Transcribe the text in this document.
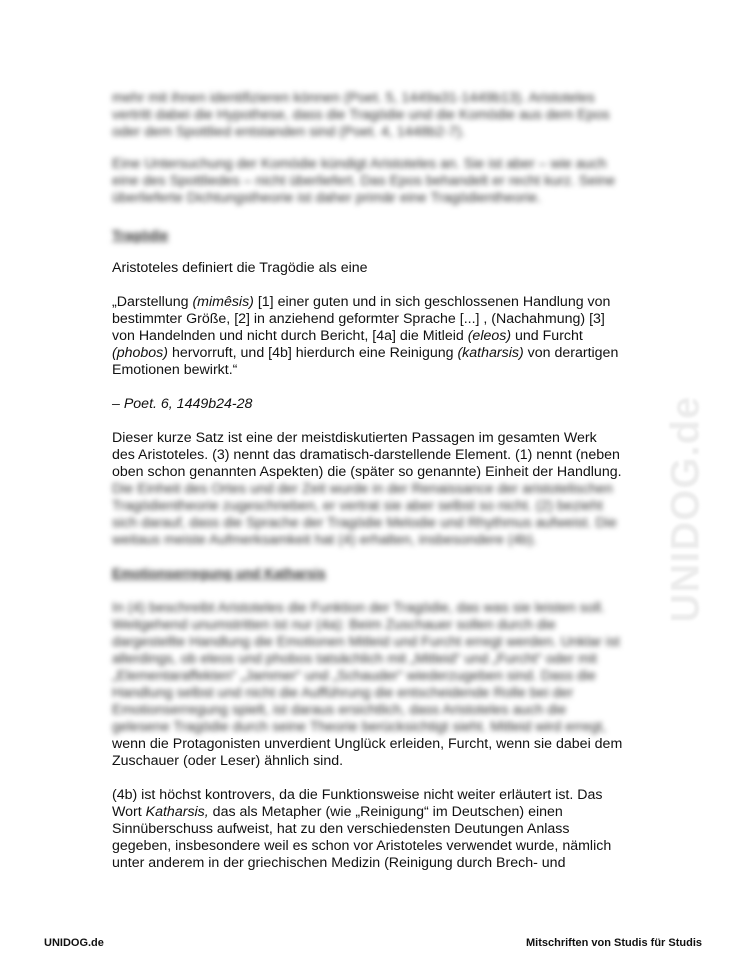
mehr mit ihnen identifizieren können (Poet. 5, 1449a31-1449b13). Aristoteles
vertritt dabei die Hypothese, dass die Tragödie und die Komödie aus dem Epos
oder dem Spottlied entstanden sind (Poet. 4, 1448b2-7).
Eine Untersuchung der Komödie kündigt Aristoteles an. Sie ist aber – wie auch
eine des Spottliedes – nicht überliefert. Das Epos behandelt er recht kurz. Seine
überlieferte Dichtungstheorie ist daher primär eine Tragödientheorie.
Tragödie
Aristoteles definiert die Tragödie als eine
„Darstellung (mimêsis) [1] einer guten und in sich geschlossenen Handlung von
bestimmter Größe, [2] in anziehend geformter Sprache [...] , (Nachahmung) [3]
von Handelnden und nicht durch Bericht, [4a] die Mitleid (eleos) und Furcht
(phobos) hervorruft, und [4b] hierdurch eine Reinigung (katharsis) von derartigen
Emotionen bewirkt.“
– Poet. 6, 1449b24-28
Dieser kurze Satz ist eine der meistdiskutierten Passagen im gesamten Werk
des Aristoteles. (3) nennt das dramatisch-darstellende Element. (1) nennt (neben
oben schon genannten Aspekten) die (später so genannte) Einheit der Handlung.
Die Einheit des Ortes und der Zeit wurde in der Renaissance der aristotelischen
Tragödientheorie zugeschrieben, er vertrat sie aber selbst so nicht. (2) bezieht
sich darauf, dass die Sprache der Tragödie Melodie und Rhythmus aufweist. Die
weitaus meiste Aufmerksamkeit hat (4) erhalten, insbesondere (4b).
Emotionserregung und Katharsis
In (4) beschreibt Aristoteles die Funktion der Tragödie, das was sie leisten soll.
Weitgehend unumstritten ist nur (4a): Beim Zuschauer sollen durch die
dargestellte Handlung die Emotionen Mitleid und Furcht erregt werden. Unklar ist
allerdings, ob eleos und phobos tatsächlich mit „Mitleid“ und „Furcht“ oder mit
„Elementaraffekten“ „Jammer“ und „Schauder“ wiederzugeben sind. Dass die
Handlung selbst und nicht die Aufführung die entscheidende Rolle bei der
Emotionserregung spielt, ist daraus ersichtlich, dass Aristoteles auch die
gelesene Tragödie durch seine Theorie berücksichtigt sieht. Mitleid wird erregt,
wenn die Protagonisten unverdient Unglück erleiden, Furcht, wenn sie dabei dem
Zuschauer (oder Leser) ähnlich sind.
(4b) ist höchst kontrovers, da die Funktionsweise nicht weiter erläutert ist. Das
Wort Katharsis, das als Metapher (wie „Reinigung“ im Deutschen) einen
Sinnüberschuss aufweist, hat zu den verschiedensten Deutungen Anlass
gegeben, insbesondere weil es schon vor Aristoteles verwendet wurde, nämlich
unter anderem in der griechischen Medizin (Reinigung durch Brech- und
UNIDOG.de
UNIDOG.de	Mitschriften von Studis für Studis
